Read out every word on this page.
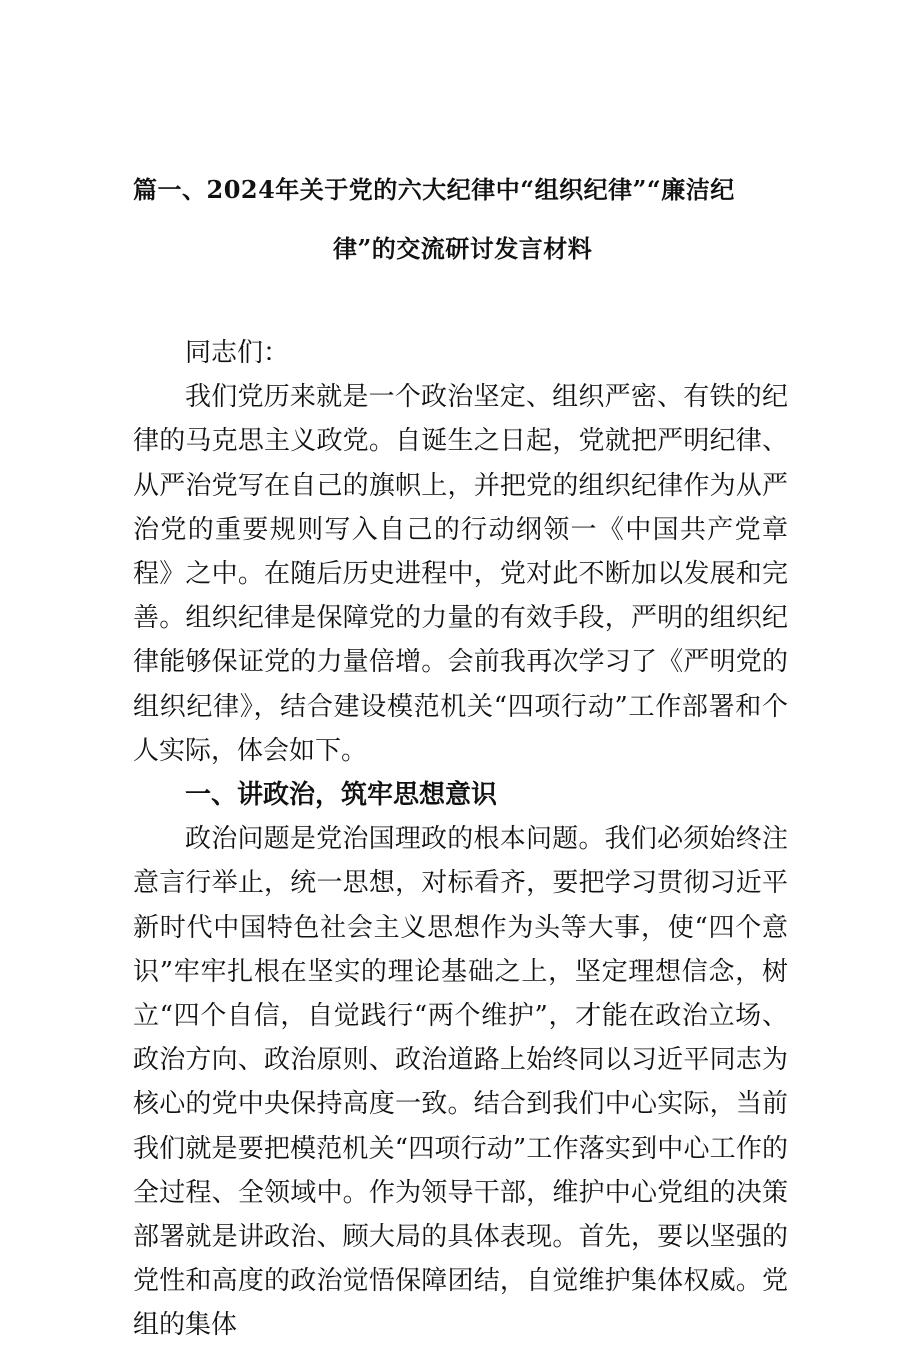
篇一、2024年关于党的六大纪律中“组织纪律”“廉洁纪
律”的交流研讨发言材料

同志们：

我们党历来就是一个政治坚定、组织严密、有铁的纪律的马克思主义政党。自诞生之日起，党就把严明纪律、从严治党写在自己的旗帜上，并把党的组织纪律作为从严治党的重要规则写入自己的行动纲领一《中国共产党章程》之中。在随后历史进程中，党对此不断加以发展和完善。组织纪律是保障党的力量的有效手段，严明的组织纪律能够保证党的力量倍增。会前我再次学习了《严明党的组织纪律》，结合建设模范机关“四项行动”工作部署和个人实际，体会如下。

一、讲政治，筑牢思想意识

政治问题是党治国理政的根本问题。我们必须始终注意言行举止，统一思想，对标看齐，要把学习贯彻习近平新时代中国特色社会主义思想作为头等大事，使“四个意识”牢牢扎根在坚实的理论基础之上，坚定理想信念，树立“四个自信，自觉践行“两个维护”，才能在政治立场、政治方向、政治原则、政治道路上始终同以习近平同志为核心的党中央保持高度一致。结合到我们中心实际，当前我们就是要把模范机关“四项行动”工作落实到中心工作的全过程、全领域中。作为领导干部，维护中心党组的决策部署就是讲政治、顾大局的具体表现。首先，要以坚强的党性和高度的政治觉悟保障团结，自觉维护集体权威。党组的集体
